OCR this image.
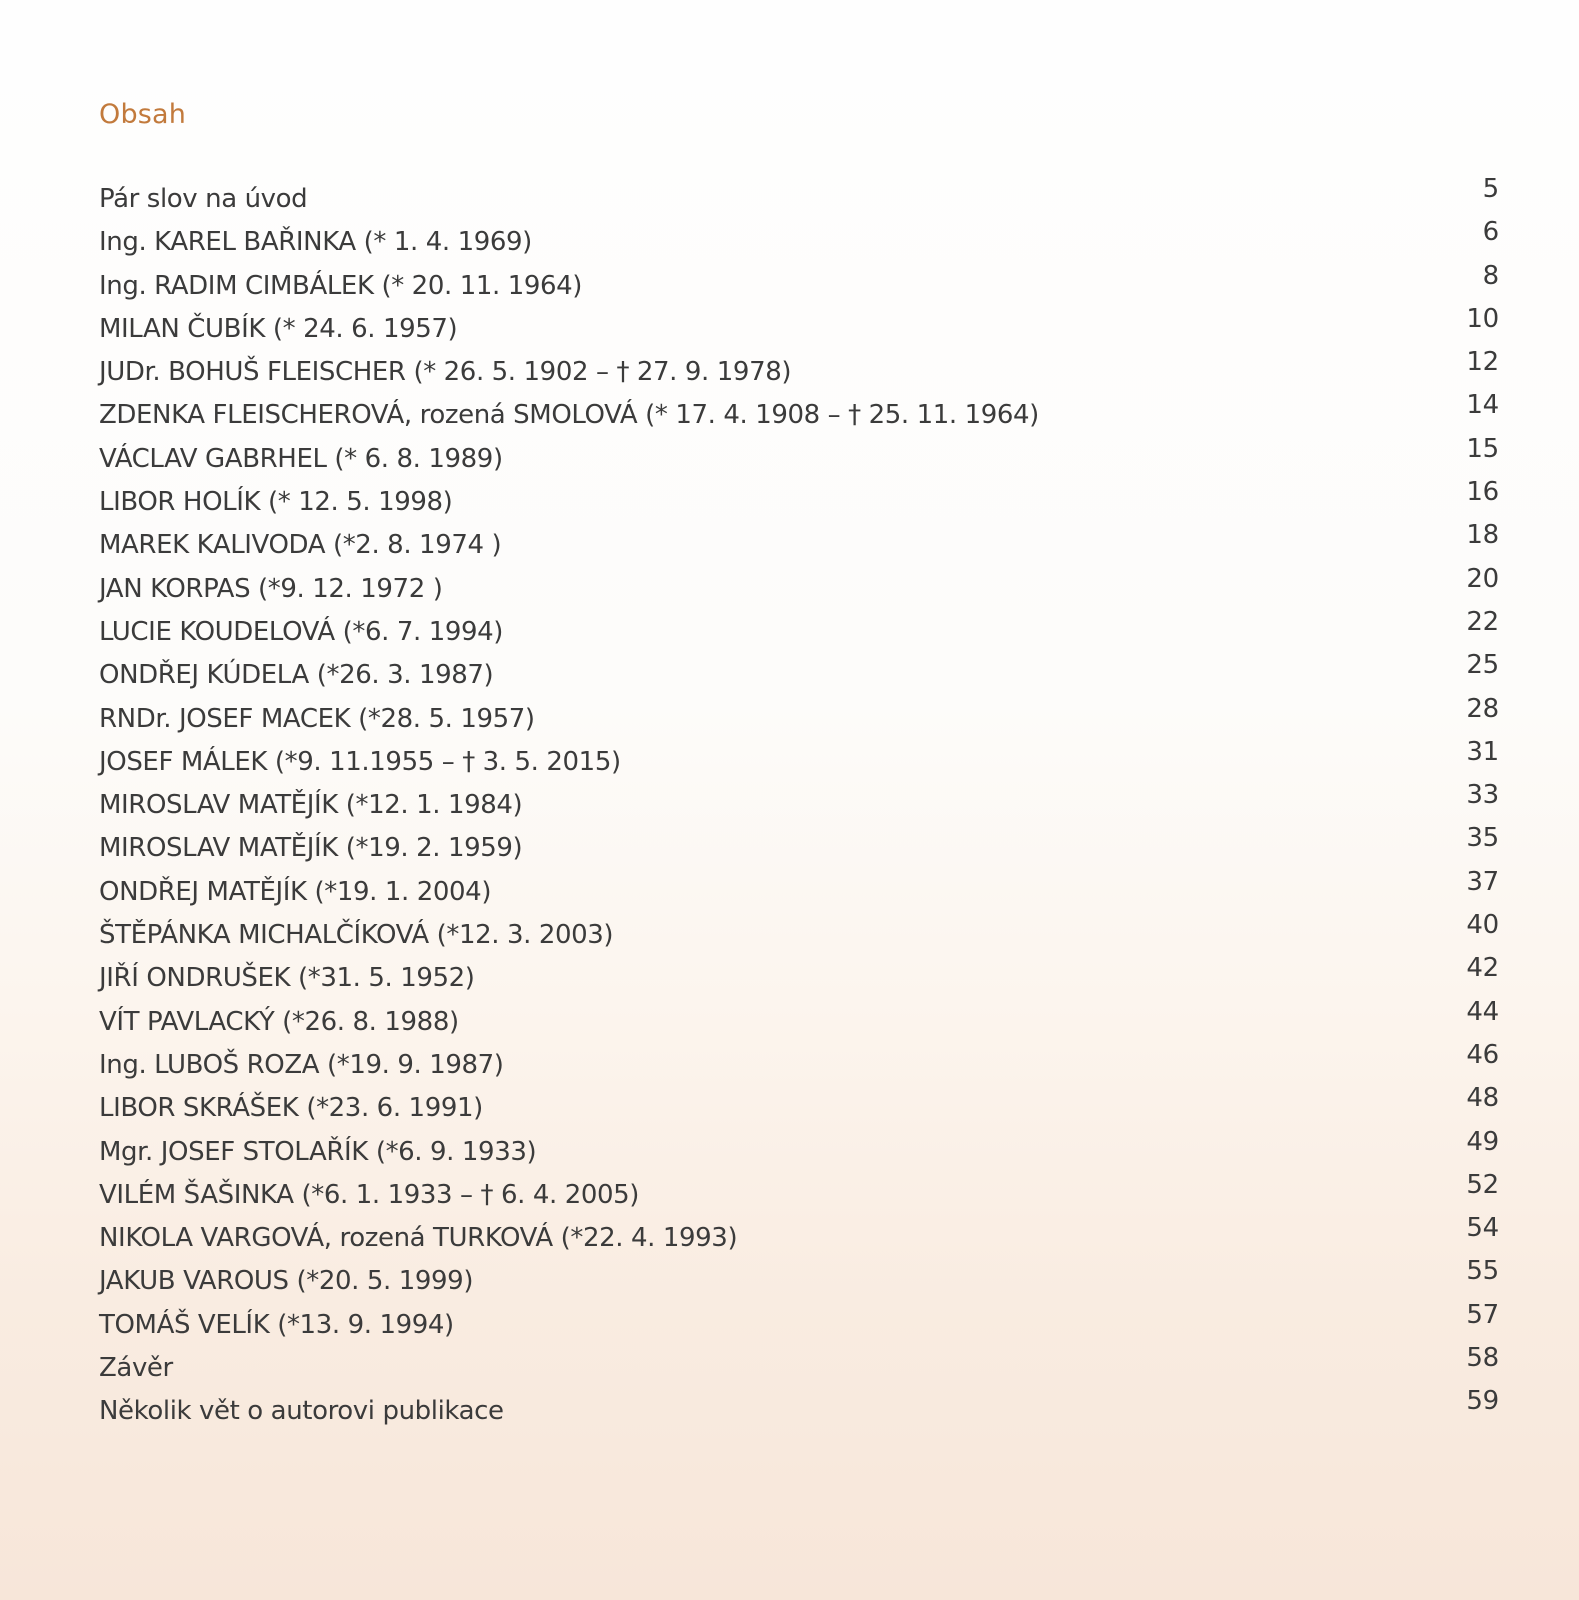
Obsah
Pár slov na úvod	5
Ing. KAREL BAŘINKA (* 1. 4. 1969)	6
Ing. RADIM CIMBÁLEK (* 20. 11. 1964)	8
MILAN ČUBÍK (* 24. 6. 1957)	10
JUDr. BOHUŠ FLEISCHER (* 26. 5. 1902 – † 27. 9. 1978)	12
ZDENKA FLEISCHEROVÁ, rozená SMOLOVÁ (* 17. 4. 1908 – † 25. 11. 1964)	14
VÁCLAV GABRHEL (* 6. 8. 1989)	15
LIBOR HOLÍK (* 12. 5. 1998)	16
MAREK KALIVODA (*2. 8. 1974 )	18
JAN KORPAS (*9. 12. 1972 )	20
LUCIE KOUDELOVÁ (*6. 7. 1994)	22
ONDŘEJ KÚDELA (*26. 3. 1987)	25
RNDr. JOSEF MACEK (*28. 5. 1957)	28
JOSEF MÁLEK (*9. 11.1955 – † 3. 5. 2015)	31
MIROSLAV MATĚJÍK (*12. 1. 1984)	33
MIROSLAV MATĚJÍK (*19. 2. 1959)	35
ONDŘEJ MATĚJÍK (*19. 1. 2004)	37
ŠTĚPÁNKA MICHALČÍKOVÁ (*12. 3. 2003)	40
JIŘÍ ONDRUŠEK (*31. 5. 1952)	42
VÍT PAVLACKÝ (*26. 8. 1988)	44
Ing. LUBOŠ ROZA (*19. 9. 1987)	46
LIBOR SKRÁŠEK (*23. 6. 1991)	48
Mgr. JOSEF STOLAŘÍK (*6. 9. 1933)	49
VILÉM ŠAŠINKA (*6. 1. 1933 – † 6. 4. 2005)	52
NIKOLA VARGOVÁ, rozená TURKOVÁ (*22. 4. 1993)	54
JAKUB VAROUS (*20. 5. 1999)	55
TOMÁŠ VELÍK (*13. 9. 1994)	57
Závěr	58
Několik vět o autorovi publikace	59
